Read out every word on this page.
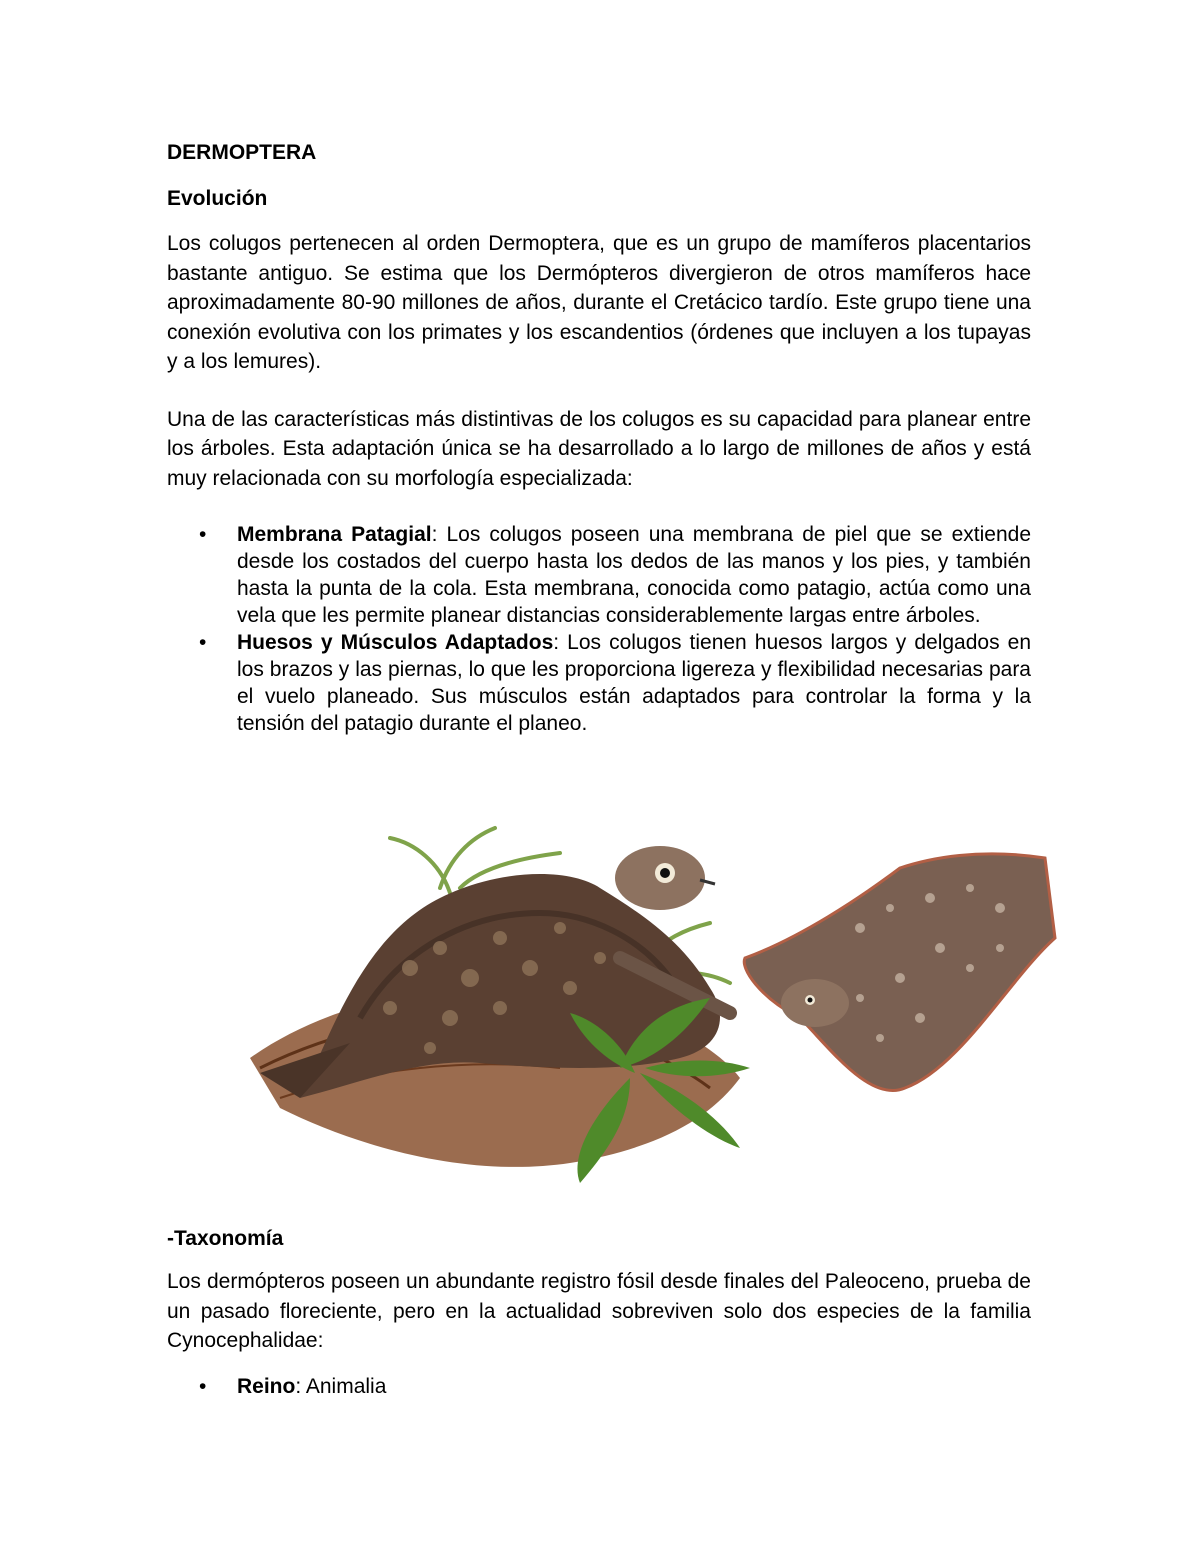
DERMOPTERA
Evolución

Los colugos pertenecen al orden Dermoptera, que es un grupo de mamíferos placentarios bastante antiguo. Se estima que los Dermópteros divergieron de otros mamíferos hace aproximadamente 80-90 millones de años, durante el Cretácico tardío. Este grupo tiene una conexión evolutiva con los primates y los escandentios (órdenes que incluyen a los tupayas y a los lemures).

Una de las características más distintivas de los colugos es su capacidad para planear entre los árboles. Esta adaptación única se ha desarrollado a lo largo de millones de años y está muy relacionada con su morfología especializada:

• Membrana Patagial: Los colugos poseen una membrana de piel que se extiende desde los costados del cuerpo hasta los dedos de las manos y los pies, y también hasta la punta de la cola. Esta membrana, conocida como patagio, actúa como una vela que les permite planear distancias considerablemente largas entre árboles.
• Huesos y Músculos Adaptados: Los colugos tienen huesos largos y delgados en los brazos y las piernas, lo que les proporciona ligereza y flexibilidad necesarias para el vuelo planeado. Sus músculos están adaptados para controlar la forma y la tensión del patagio durante el planeo.
-Taxonomía

Los dermópteros poseen un abundante registro fósil desde finales del Paleoceno, prueba de un pasado floreciente, pero en la actualidad sobreviven solo dos especies de la familia Cynocephalidae:

• Reino: Animalia
